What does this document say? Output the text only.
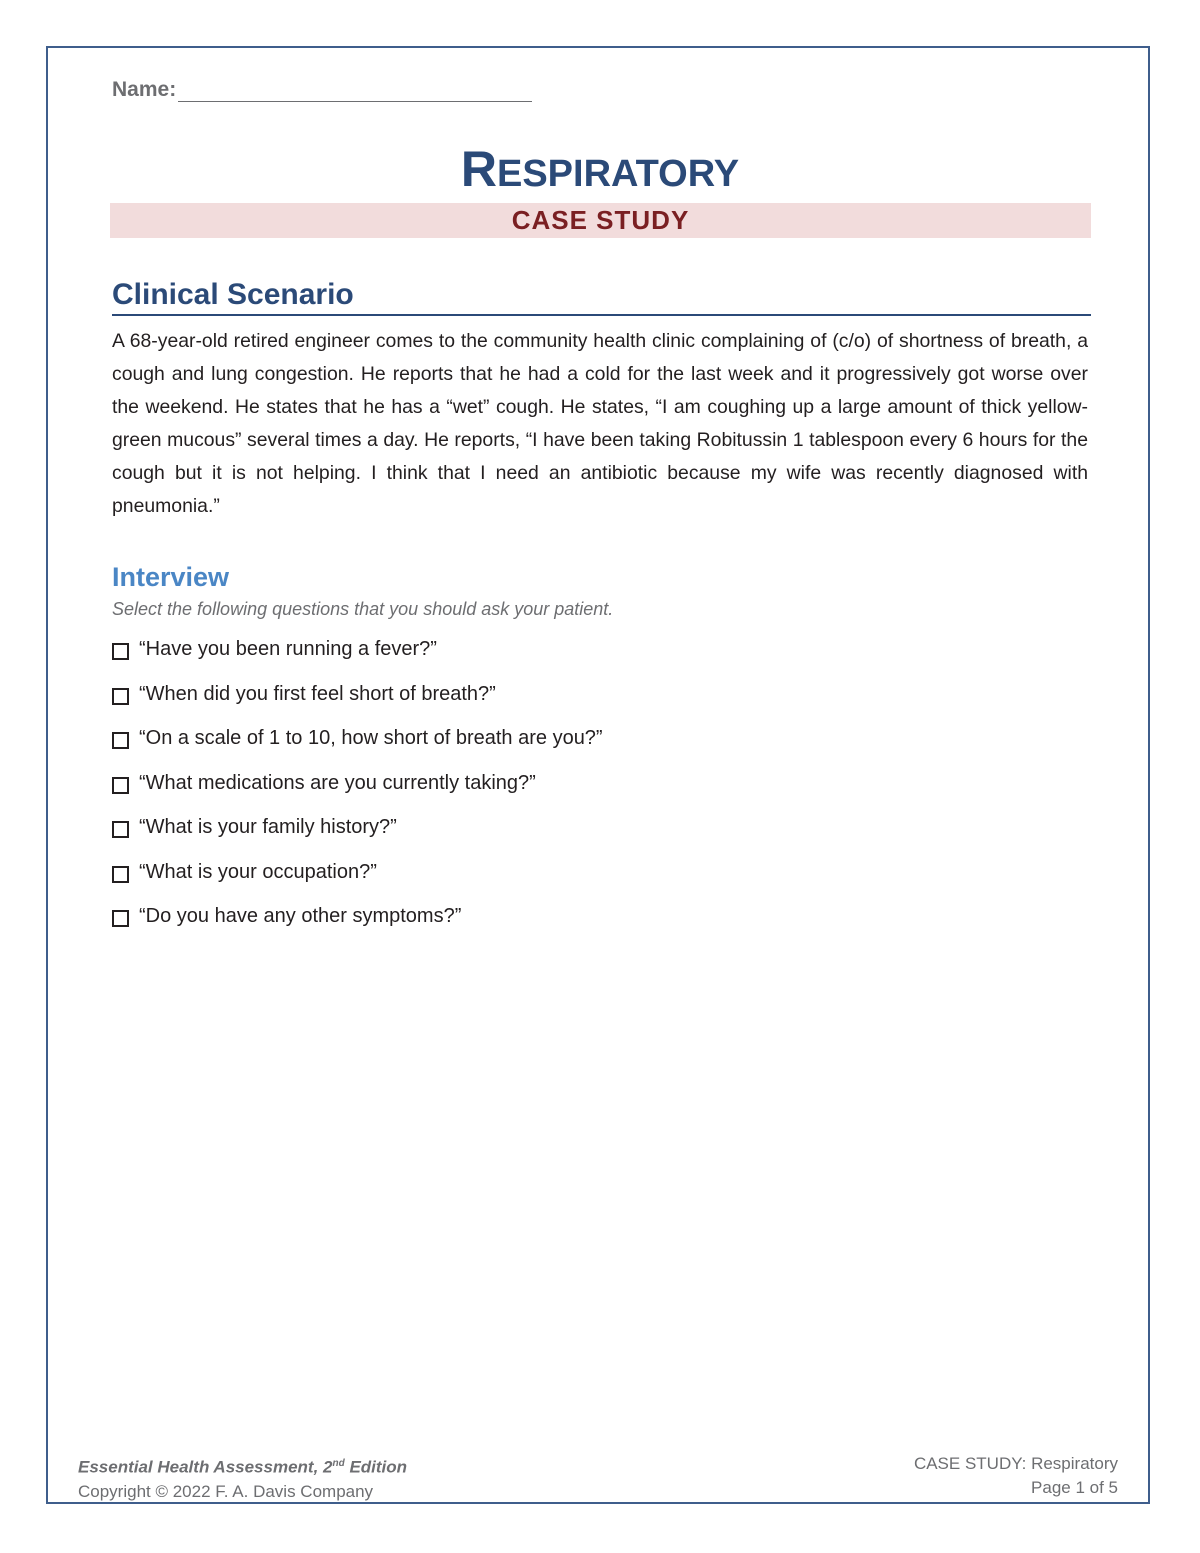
Name:
RESPIRATORY
CASE STUDY
Clinical Scenario
A 68-year-old retired engineer comes to the community health clinic complaining of (c/o) of shortness of breath, a cough and lung congestion. He reports that he had a cold for the last week and it progressively got worse over the weekend. He states that he has a “wet” cough. He states, “I am coughing up a large amount of thick yellow-green mucous” several times a day. He reports, “I have been taking Robitussin 1 tablespoon every 6 hours for the cough but it is not helping. I think that I need an antibiotic because my wife was recently diagnosed with pneumonia.”
Interview
Select the following questions that you should ask your patient.
“Have you been running a fever?”
“When did you first feel short of breath?”
“On a scale of 1 to 10, how short of breath are you?”
“What medications are you currently taking?”
“What is your family history?”
“What is your occupation?”
“Do you have any other symptoms?”
Essential Health Assessment, 2nd Edition
Copyright © 2022 F. A. Davis Company
CASE STUDY: Respiratory
Page 1 of 5
